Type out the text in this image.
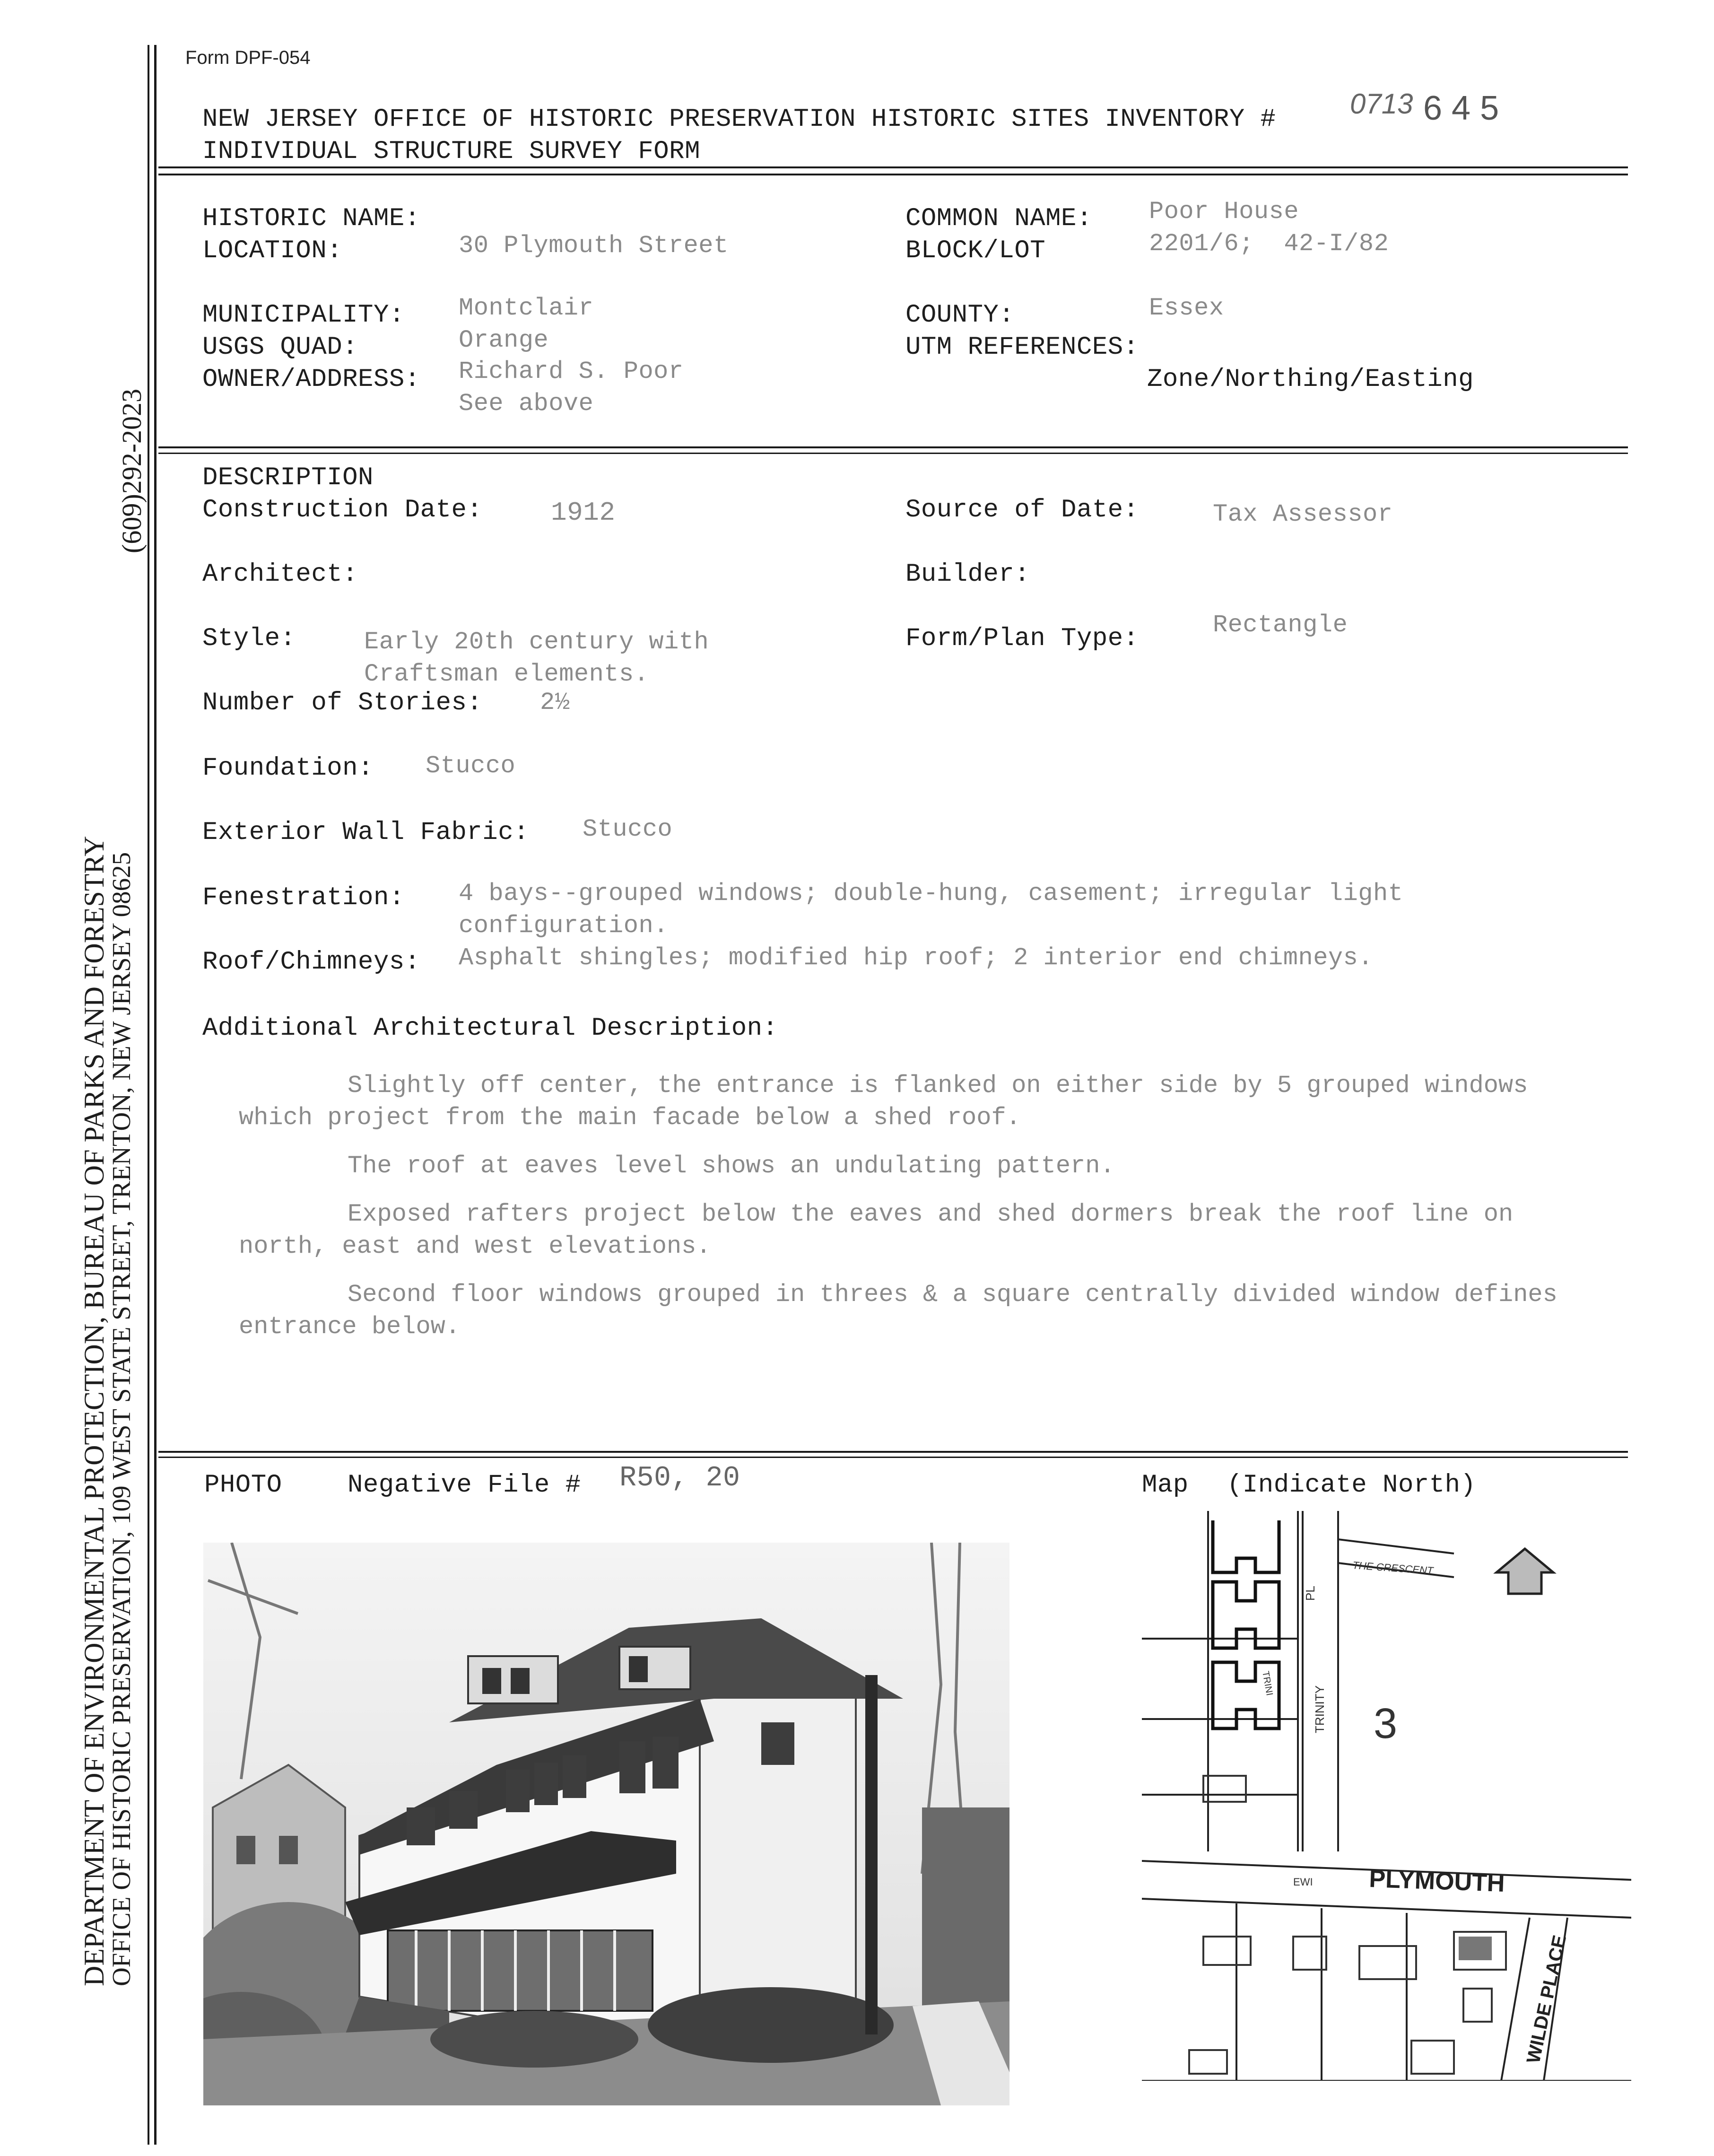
DEPARTMENT OF ENVIRONMENTAL PROTECTION, BUREAU OF PARKS AND FORESTRY
OFFICE OF HISTORIC PRESERVATION, 109 WEST STATE STREET, TRENTON, NEW JERSEY 08625
(609)292-2023
Form DPF-054
NEW JERSEY OFFICE OF HISTORIC PRESERVATION HISTORIC SITES INVENTORY #
INDIVIDUAL STRUCTURE SURVEY FORM
0713 6 4 5
HISTORIC NAME:
LOCATION:	30 Plymouth Street
COMMON NAME: Poor House
BLOCK/LOT	2201/6;  42-I/82
MUNICIPALITY: Montclair
USGS QUAD:	Orange
OWNER/ADDRESS: Richard S. Poor
See above
COUNTY:	Essex
UTM REFERENCES:
Zone/Northing/Easting
DESCRIPTION
Construction Date:	1912	Source of Date:	Tax Assessor
Architect:	Builder:
Style:	Early 20th century with
Craftsman elements.
Form/Plan Type:	Rectangle
Number of Stories: 2½
Foundation: Stucco
Exterior Wall Fabric: Stucco
Fenestration: 4 bays--grouped windows; double-hung, casement; irregular light
configuration.
Roof/Chimneys: Asphalt shingles; modified hip roof; 2 interior end chimneys.
Additional Architectural Description:
Slightly off center, the entrance is flanked on either side by 5 grouped windows which project from the main facade below a shed roof.
The roof at eaves level shows an undulating pattern.
Exposed rafters project below the eaves and shed dormers break the roof line on north, east and west elevations.
Second floor windows grouped in threes & a square centrally divided window defines entrance below.
PHOTO	Negative File # R50, 20	Map (Indicate North)
THE CRESCENT
PL
TRINITY
TRINI
3
PLYMOUTH
EWI
WILDE PLACE
